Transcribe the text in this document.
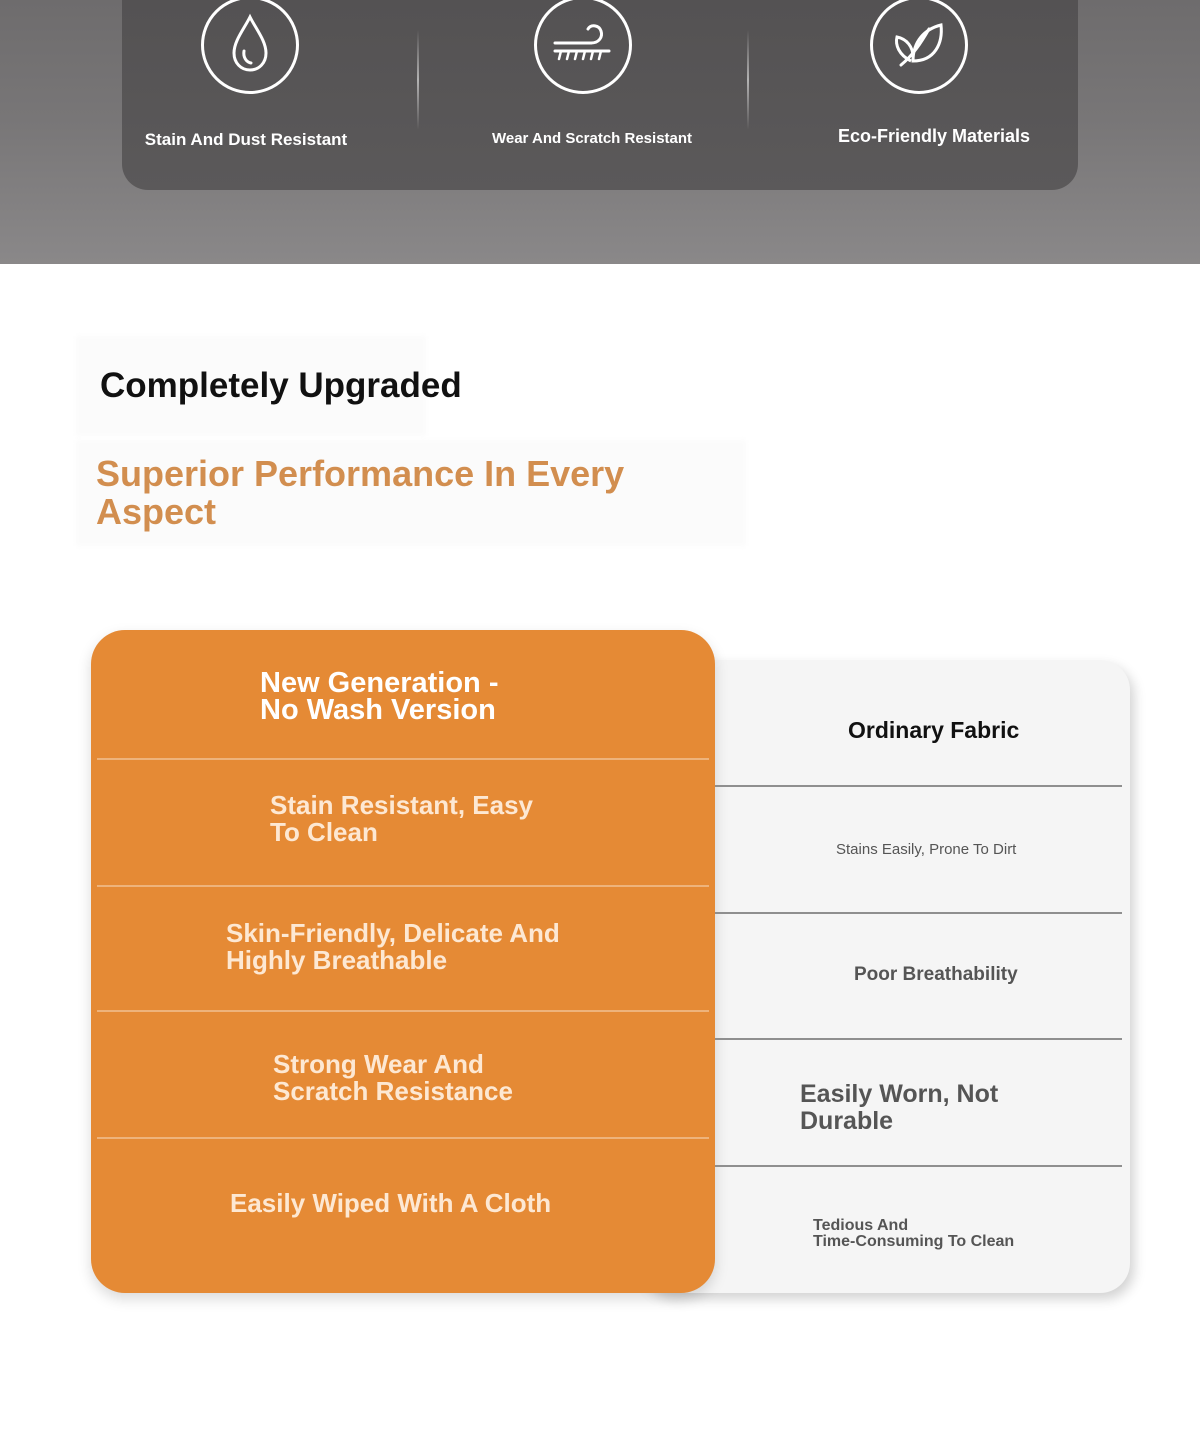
Stain And Dust Resistant	Wear And Scratch Resistant	Eco-Friendly Materials
Completely Upgraded
Superior Performance In Every Aspect
New Generation -
No Wash Version
Stain Resistant, Easy
To Clean
Skin-Friendly, Delicate And
Highly Breathable
Strong Wear And
Scratch Resistance
Easily Wiped With A Cloth
Ordinary Fabric
Stains Easily, Prone To Dirt
Poor Breathability
Easily Worn, Not
Durable
Tedious And
Time-Consuming To Clean
